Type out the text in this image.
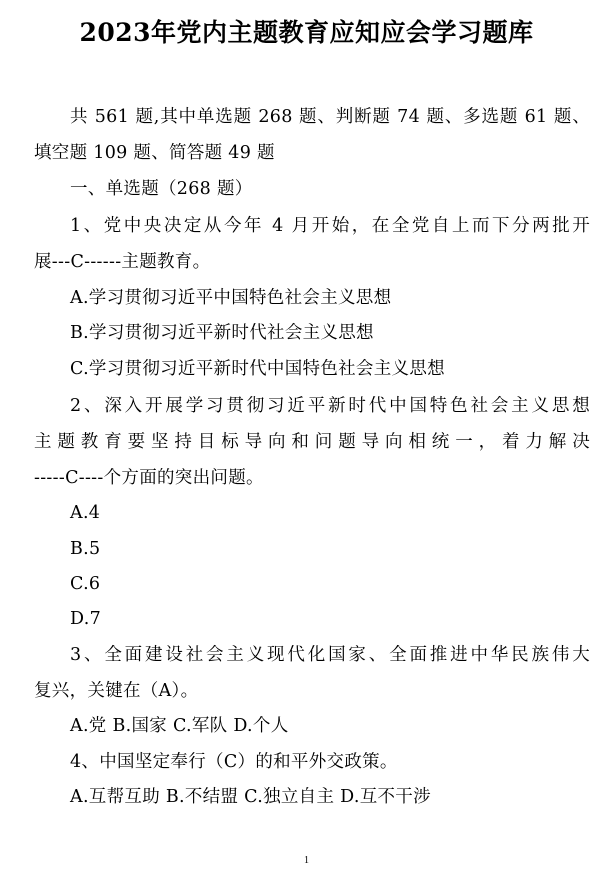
2023年党内主题教育应知应会学习题库
共 561 题,其中单选题 268 题、判断题 74 题、多选题 61 题、
填空题 109 题、简答题 49 题
一、单选题（268 题）
1、党中央决定从今年 4 月开始，在全党自上而下分两批开
展---C------主题教育。
A.学习贯彻习近平中国特色社会主义思想
B.学习贯彻习近平新时代社会主义思想
C.学习贯彻习近平新时代中国特色社会主义思想
2、深入开展学习贯彻习近平新时代中国特色社会主义思想
主题教育要坚持目标导向和问题导向相统一，着力解决
-----C----个方面的突出问题。
A.4
B.5
C.6
D.7
3、全面建设社会主义现代化国家、全面推进中华民族伟大
复兴，关键在（A）。
A.党 B.国家 C.军队 D.个人
4、中国坚定奉行（C）的和平外交政策。
A.互帮互助 B.不结盟 C.独立自主 D.互不干涉
1
